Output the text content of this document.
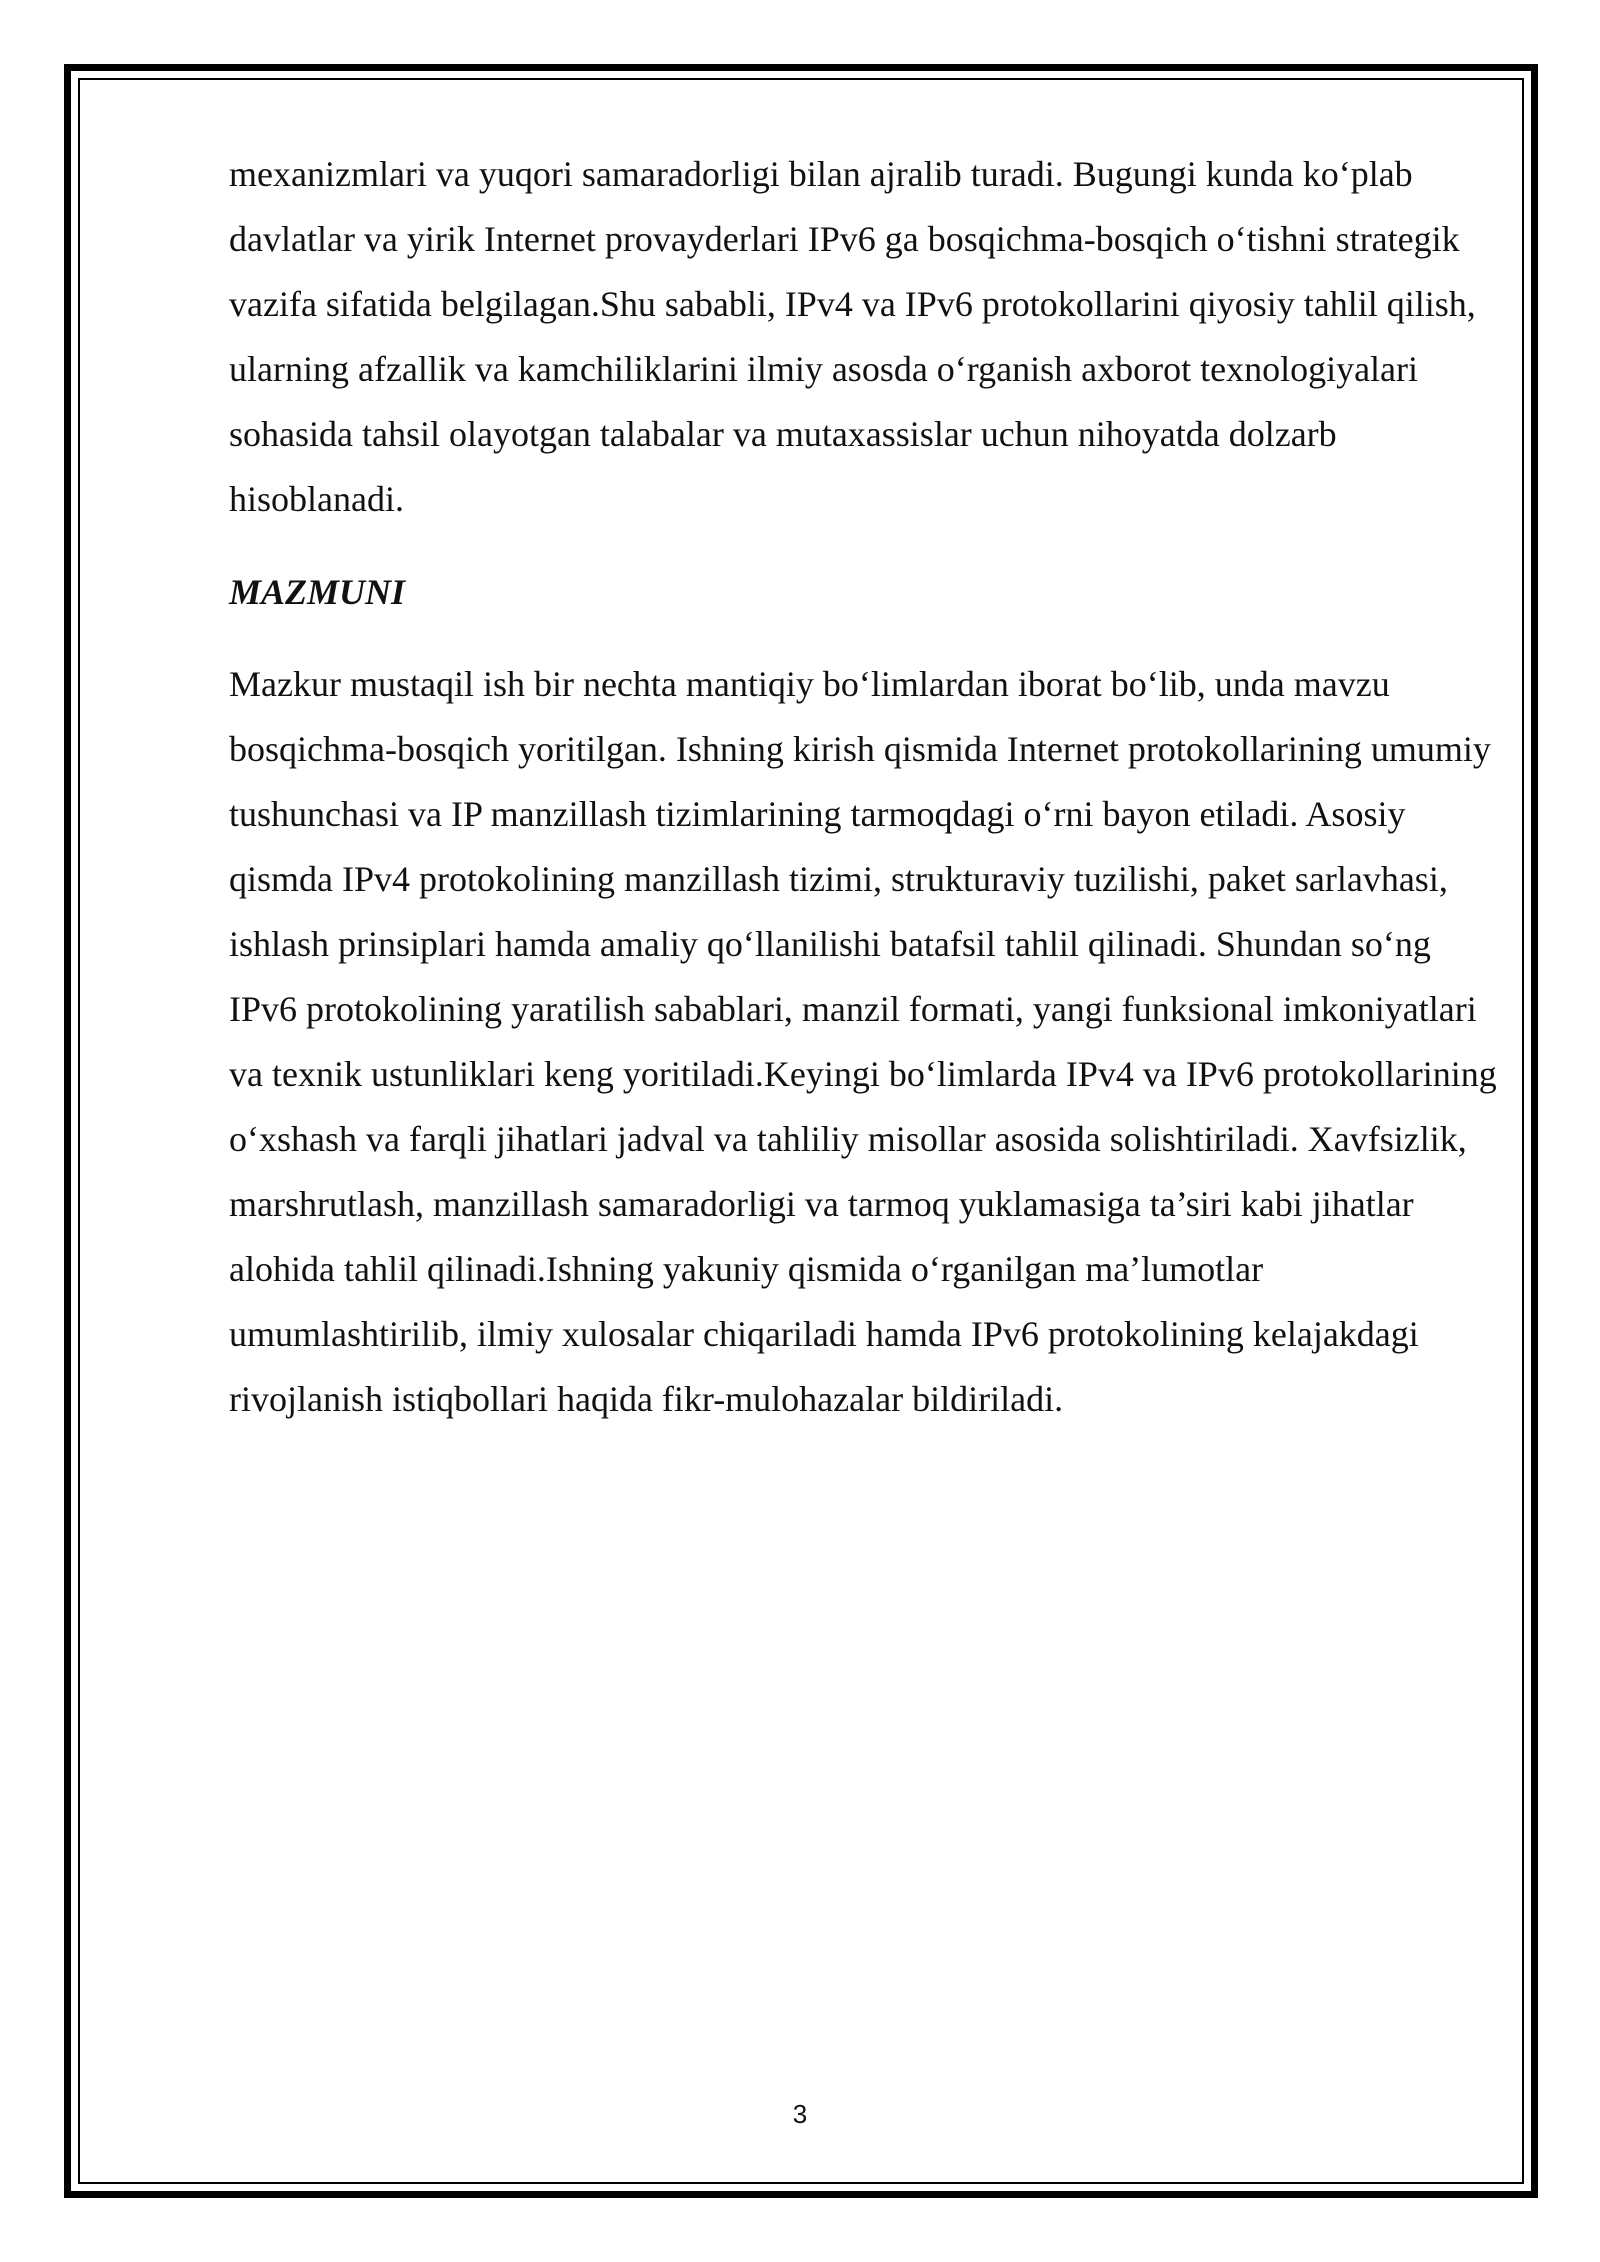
mexanizmlari va yuqori samaradorligi bilan ajralib turadi. Bugungi kunda ko‘plab davlatlar va yirik Internet provayderlari IPv6 ga bosqichma-bosqich o‘tishni strategik vazifa sifatida belgilagan.Shu sababli, IPv4 va IPv6 protokollarini qiyosiy tahlil qilish, ularning afzallik va kamchiliklarini ilmiy asosda o‘rganish axborot texnologiyalari sohasida tahsil olayotgan talabalar va mutaxassislar uchun nihoyatda dolzarb hisoblanadi.

MAZMUNI

Mazkur mustaqil ish bir nechta mantiqiy bo‘limlardan iborat bo‘lib, unda mavzu bosqichma-bosqich yoritilgan. Ishning kirish qismida Internet protokollarining umumiy tushunchasi va IP manzillash tizimlarining tarmoqdagi o‘rni bayon etiladi. Asosiy qismda IPv4 protokolining manzillash tizimi, strukturaviy tuzilishi, paket sarlavhasi, ishlash prinsiplari hamda amaliy qo‘llanilishi batafsil tahlil qilinadi. Shundan so‘ng IPv6 protokolining yaratilish sabablari, manzil formati, yangi funksional imkoniyatlari va texnik ustunliklari keng yoritiladi.Keyingi bo‘limlarda IPv4 va IPv6 protokollarining o‘xshash va farqli jihatlari jadval va tahliliy misollar asosida solishtiriladi. Xavfsizlik, marshrutlash, manzillash samaradorligi va tarmoq yuklamasiga ta’siri kabi jihatlar alohida tahlil qilinadi.Ishning yakuniy qismida o‘rganilgan ma’lumotlar umumlashtirilib, ilmiy xulosalar chiqariladi hamda IPv6 protokolining kelajakdagi rivojlanish istiqbollari haqida fikr-mulohazalar bildiriladi.

3
